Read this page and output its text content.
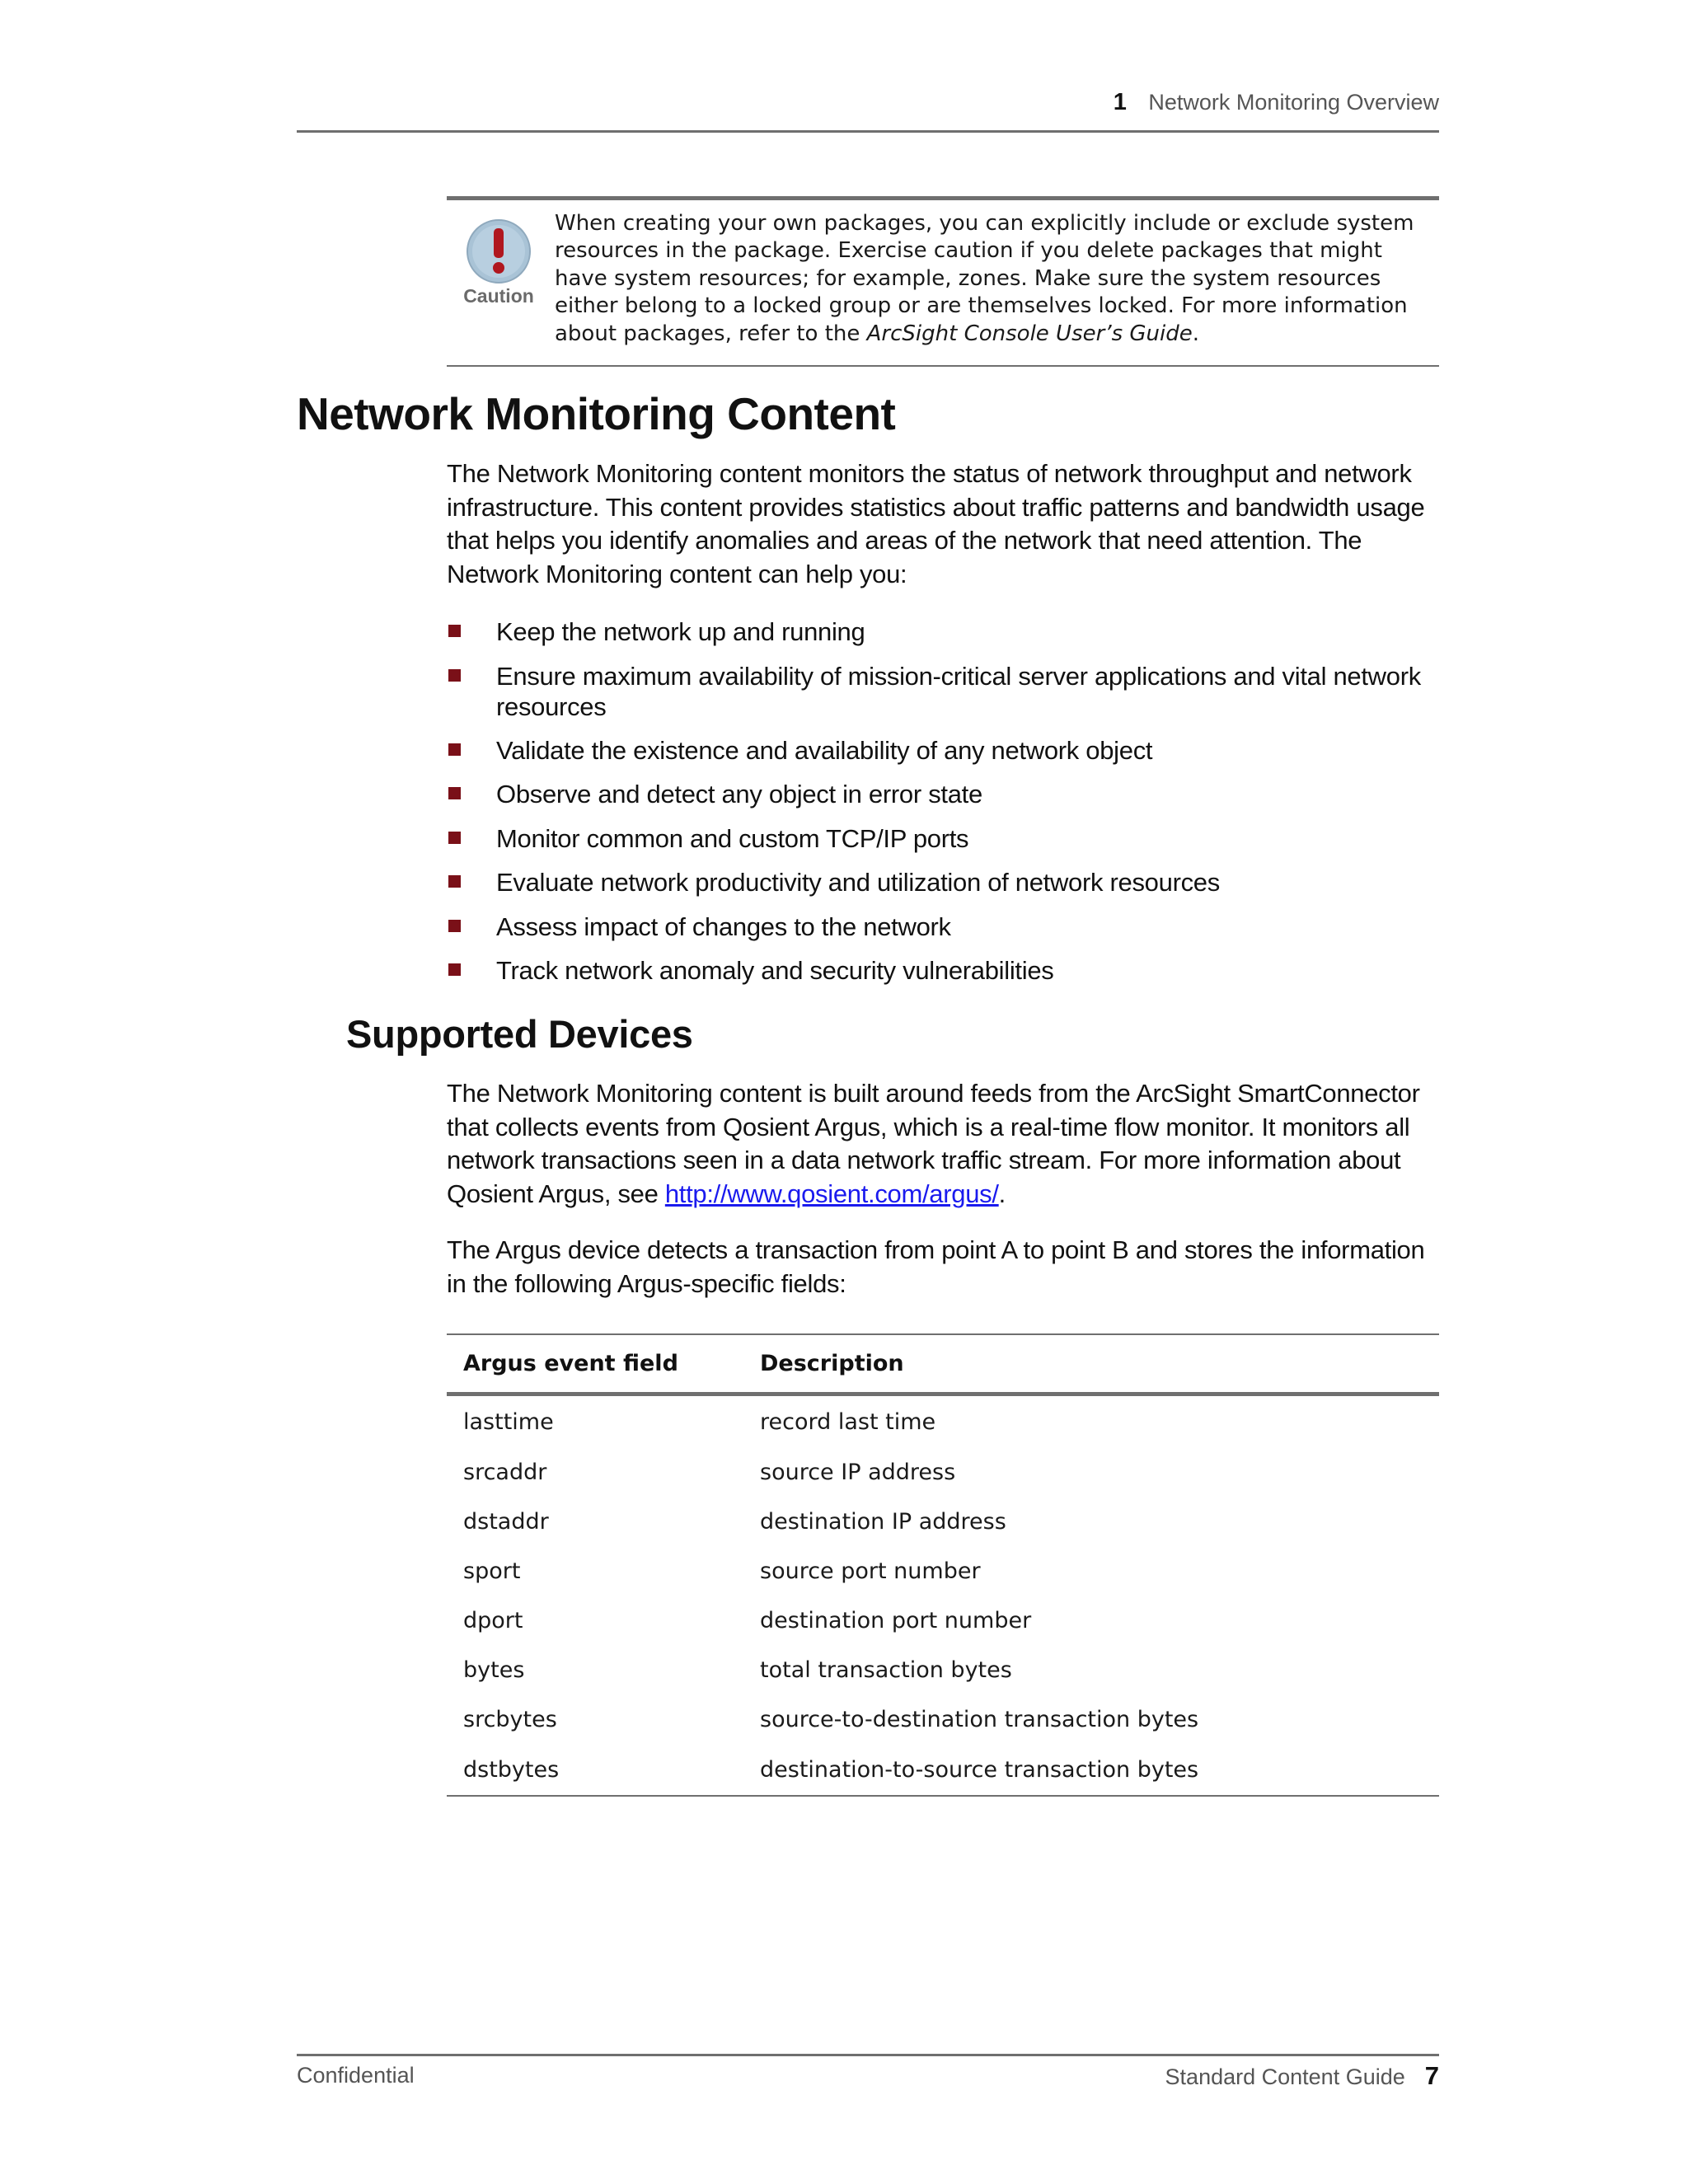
1 Network Monitoring Overview
Caution
When creating your own packages, you can explicitly include or exclude system resources in the package. Exercise caution if you delete packages that might have system resources; for example, zones. Make sure the system resources either belong to a locked group or are themselves locked. For more information about packages, refer to the ArcSight Console User’s Guide.
Network Monitoring Content
The Network Monitoring content monitors the status of network throughput and network infrastructure. This content provides statistics about traffic patterns and bandwidth usage that helps you identify anomalies and areas of the network that need attention. The Network Monitoring content can help you:
Keep the network up and running
Ensure maximum availability of mission-critical server applications and vital network resources
Validate the existence and availability of any network object
Observe and detect any object in error state
Monitor common and custom TCP/IP ports
Evaluate network productivity and utilization of network resources
Assess impact of changes to the network
Track network anomaly and security vulnerabilities
Supported Devices
The Network Monitoring content is built around feeds from the ArcSight SmartConnector that collects events from Qosient Argus, which is a real-time flow monitor. It monitors all network transactions seen in a data network traffic stream. For more information about Qosient Argus, see http://www.qosient.com/argus/.
The Argus device detects a transaction from point A to point B and stores the information in the following Argus-specific fields:
Argus event field	Description
lasttime	record last time
srcaddr	source IP address
dstaddr	destination IP address
sport	source port number
dport	destination port number
bytes	total transaction bytes
srcbytes	source-to-destination transaction bytes
dstbytes	destination-to-source transaction bytes
Confidential	Standard Content Guide 7
